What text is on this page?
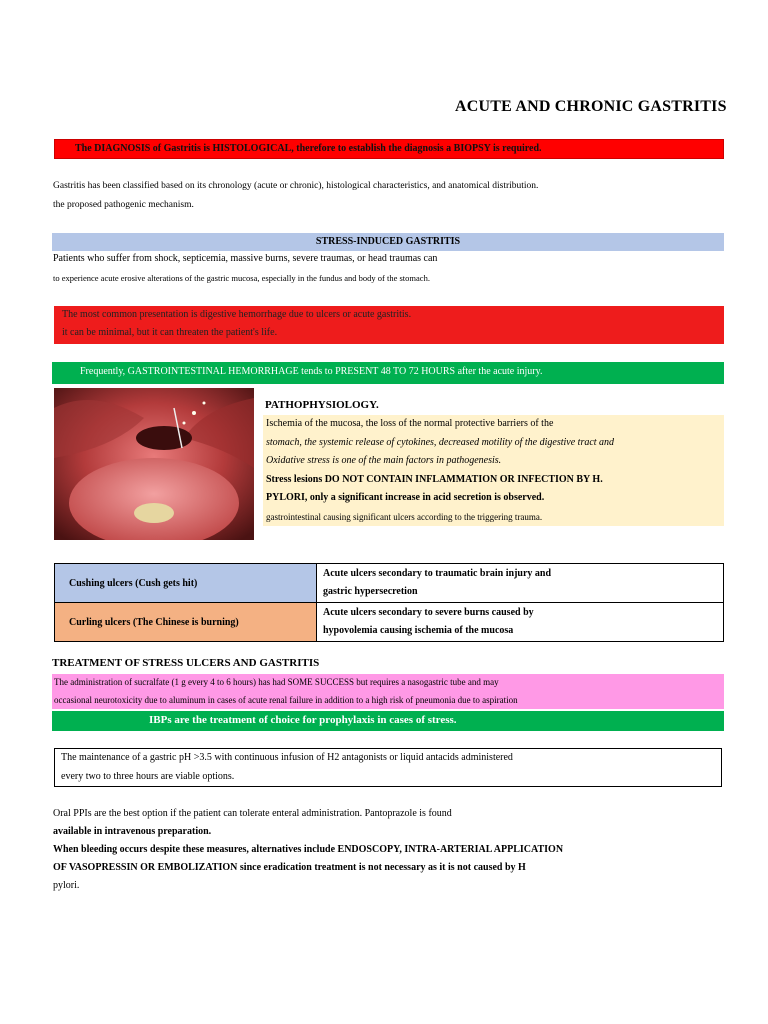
ACUTE AND CHRONIC GASTRITIS
The DIAGNOSIS of Gastritis is HISTOLOGICAL, therefore to establish the diagnosis a BIOPSY is required.
Gastritis has been classified based on its chronology (acute or chronic), histological characteristics, and anatomical distribution.
the proposed pathogenic mechanism.
STRESS-INDUCED GASTRITIS
Patients who suffer from shock, septicemia, massive burns, severe traumas, or head traumas can
to experience acute erosive alterations of the gastric mucosa, especially in the fundus and body of the stomach.
The most common presentation is digestive hemorrhage due to ulcers or acute gastritis.
it can be minimal, but it can threaten the patient's life.
Frequently, GASTROINTESTINAL HEMORRHAGE tends to PRESENT 48 TO 72 HOURS after the acute injury.
PATHOPHYSIOLOGY.
Ischemia of the mucosa, the loss of the normal protective barriers of the
stomach, the systemic release of cytokines, decreased motility of the digestive tract and
Oxidative stress is one of the main factors in pathogenesis.
Stress lesions DO NOT CONTAIN INFLAMMATION OR INFECTION BY H.
PYLORI, only a significant increase in acid secretion is observed.
gastrointestinal causing significant ulcers according to the triggering trauma.
Cushing ulcers (Cush gets hit)	Acute ulcers secondary to traumatic brain injury and
gastric hypersecretion

Curling ulcers (The Chinese is burning)	Acute ulcers secondary to severe burns caused by
hypovolemia causing ischemia of the mucosa
TREATMENT OF STRESS ULCERS AND GASTRITIS
The administration of sucralfate (1 g every 4 to 6 hours) has had SOME SUCCESS but requires a nasogastric tube and may
occasional neurotoxicity due to aluminum in cases of acute renal failure in addition to a high risk of pneumonia due to aspiration
IBPs are the treatment of choice for prophylaxis in cases of stress.
The maintenance of a gastric pH >3.5 with continuous infusion of H2 antagonists or liquid antacids administered
every two to three hours are viable options.
Oral PPIs are the best option if the patient can tolerate enteral administration. Pantoprazole is found
available in intravenous preparation.
When bleeding occurs despite these measures, alternatives include ENDOSCOPY, INTRA-ARTERIAL APPLICATION
OF VASOPRESSIN OR EMBOLIZATION since eradication treatment is not necessary as it is not caused by H
pylori.
